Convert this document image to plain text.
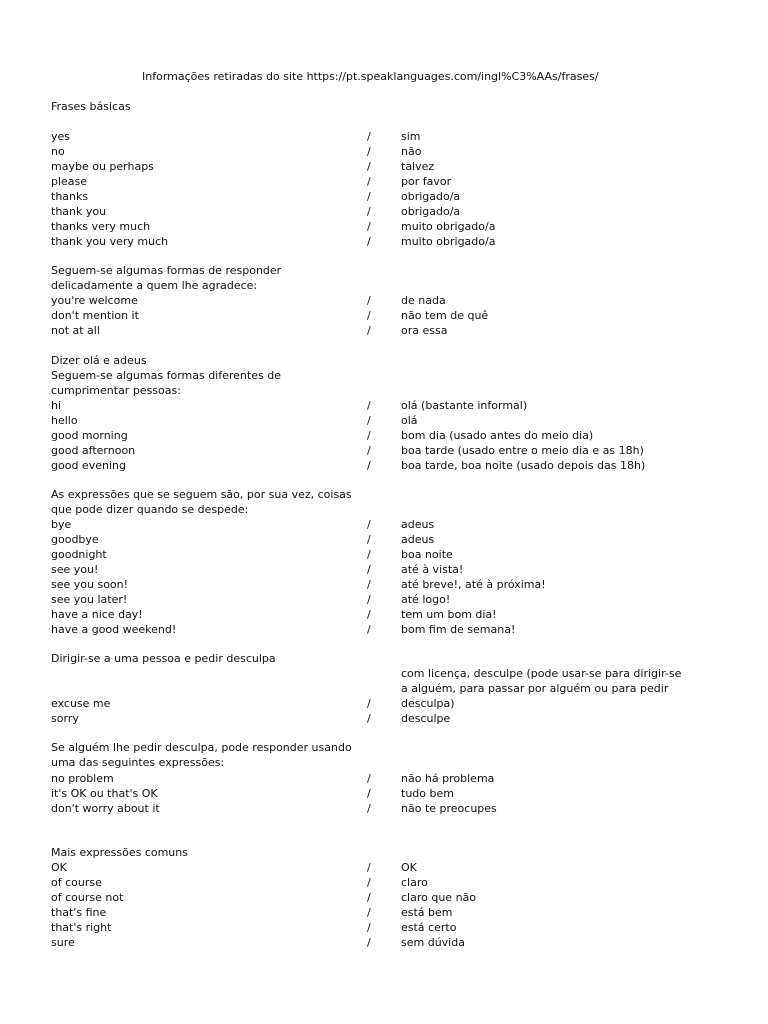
Informações retiradas do site https://pt.speaklanguages.com/ingl%C3%AAs/frases/
Frases básicas
yes	/	sim
no	/	não
maybe ou perhaps	/	talvez
please	/	por favor
thanks	/	obrigado/a
thank you	/	obrigado/a
thanks very much	/	muito obrigado/a
thank you very much	/	muito obrigado/a
Seguem-se algumas formas de responder
delicadamente a quem lhe agradece:
you're welcome	/	de nada
don't mention it	/	não tem de quê
not at all	/	ora essa
Dizer olá e adeus
Seguem-se algumas formas diferentes de
cumprimentar pessoas:
hi	/	olá (bastante informal)
hello	/	olá
good morning	/	bom dia (usado antes do meio dia)
good afternoon	/	boa tarde (usado entre o meio dia e as 18h)
good evening	/	boa tarde, boa noite (usado depois das 18h)
As expressões que se seguem são, por sua vez, coisas
que pode dizer quando se despede:
bye	/	adeus
goodbye	/	adeus
goodnight	/	boa noite
see you!	/	até à vista!
see you soon!	/	até breve!, até à próxima!
see you later!	/	até logo!
have a nice day!	/	tem um bom dia!
have a good weekend!	/	bom fim de semana!
Dirigir-se a uma pessoa e pedir desculpa
com licença, desculpe (pode usar-se para dirigir-se
a alguém, para passar por alguém ou para pedir
excuse me	/	desculpa)
sorry	/	desculpe
Se alguém lhe pedir desculpa, pode responder usando
uma das seguintes expressões:
no problem	/	não há problema
it's OK ou that's OK	/	tudo bem
don't worry about it	/	não te preocupes
Mais expressões comuns
OK	/	OK
of course	/	claro
of course not	/	claro que não
that's fine	/	está bem
that's right	/	está certo
sure	/	sem dúvida
